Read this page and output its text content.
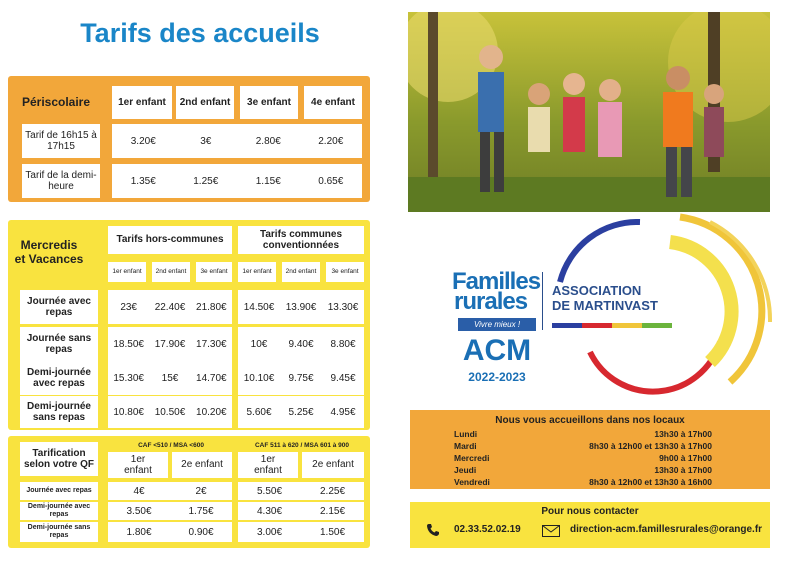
Tarifs des accueils
Périscolaire	1er enfant	2nd enfant	3e enfant	4e enfant
Tarif de 16h15 à 17h15	3.20€	3€	2.80€	2.20€
Tarif de la demi-heure	1.35€	1.25€	1.15€	0.65€
Mercredis et Vacances
Tarifs hors-communes
Tarifs communes conventionnées
1er enfant	2nd enfant	3e enfant	1er enfant	2nd enfant	3e enfant
Journée avec repas	23€	22.40€	21.80€	14.50€	13.90€	13.30€
Journée sans repas	18.50€	17.90€	17.30€	10€	9.40€	8.80€
Demi-journée avec repas	15.30€	15€	14.70€	10.10€	9.75€	9.45€
Demi-journée sans repas	10.80€	10.50€	10.20€	5.60€	5.25€	4.95€
Tarification selon votre QF
CAF <510 / MSA <600	CAF 511 à 620 / MSA 601 à 900
1er enfant
2e enfant
1er enfant
2e enfant
Journée avec repas	4€	2€	5.50€	2.25€
Demi-journée avec repas	3.50€	1.75€	4.30€	2.15€
Demi-journée sans repas	1.80€	0.90€	3.00€	1.50€
Familles
rurales
Vivre mieux !
ASSOCIATION
DE MARTINVAST
ACM
2022-2023
Nous vous accueillons dans nos locaux
Lundi	13h30 à 17h00
Mardi	8h30 à 12h00 et 13h30 à 17h00
Mercredi	9h00 à 17h00
Jeudi	13h30 à 17h00
Vendredi	8h30 à 12h00 et 13h30 à 16h00
Pour nous contacter
02.33.52.02.19	direction-acm.famillesrurales@orange.fr
